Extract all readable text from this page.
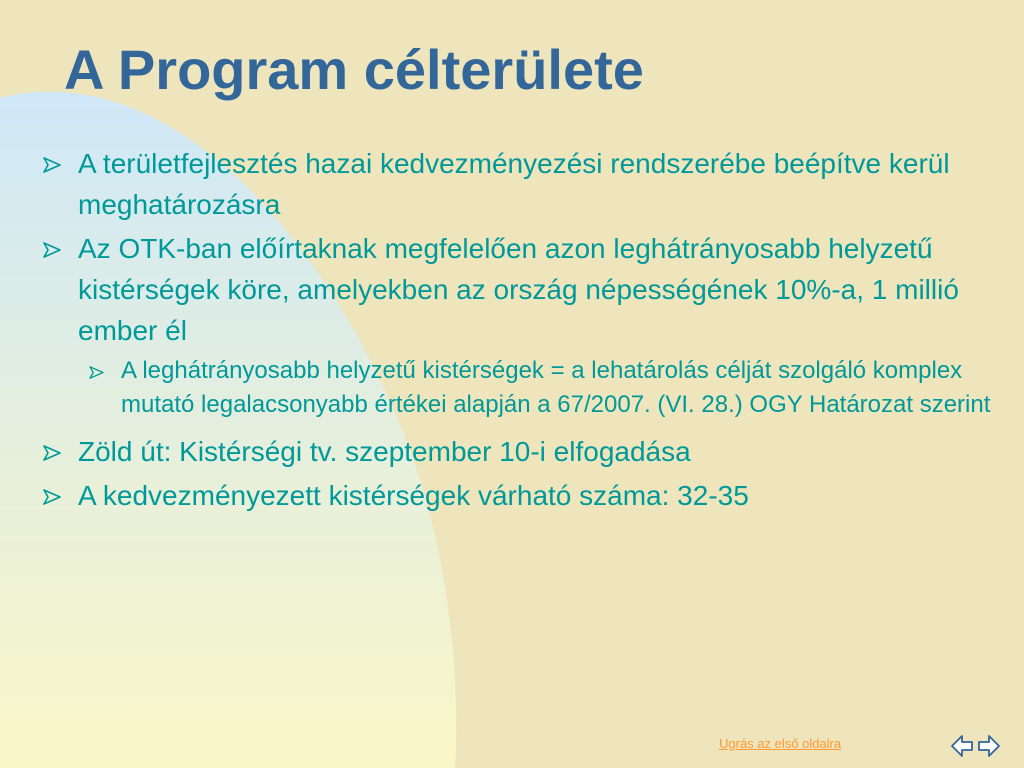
A Program célterülete
A területfejlesztés hazai kedvezményezési rendszerébe beépítve kerül meghatározásra
Az OTK-ban előírtaknak megfelelően azon leghátrányosabb helyzetű kistérségek köre, amelyekben az ország népességének 10%-a, 1 millió ember él
A leghátrányosabb helyzetű kistérségek = a lehatárolás célját szolgáló komplex mutató legalacsonyabb értékei alapján a 67/2007. (VI. 28.) OGY Határozat szerint
Zöld út: Kistérségi tv. szeptember 10-i elfogadása
A kedvezményezett kistérségek várható száma: 32-35
Ugrás az első oldalra
